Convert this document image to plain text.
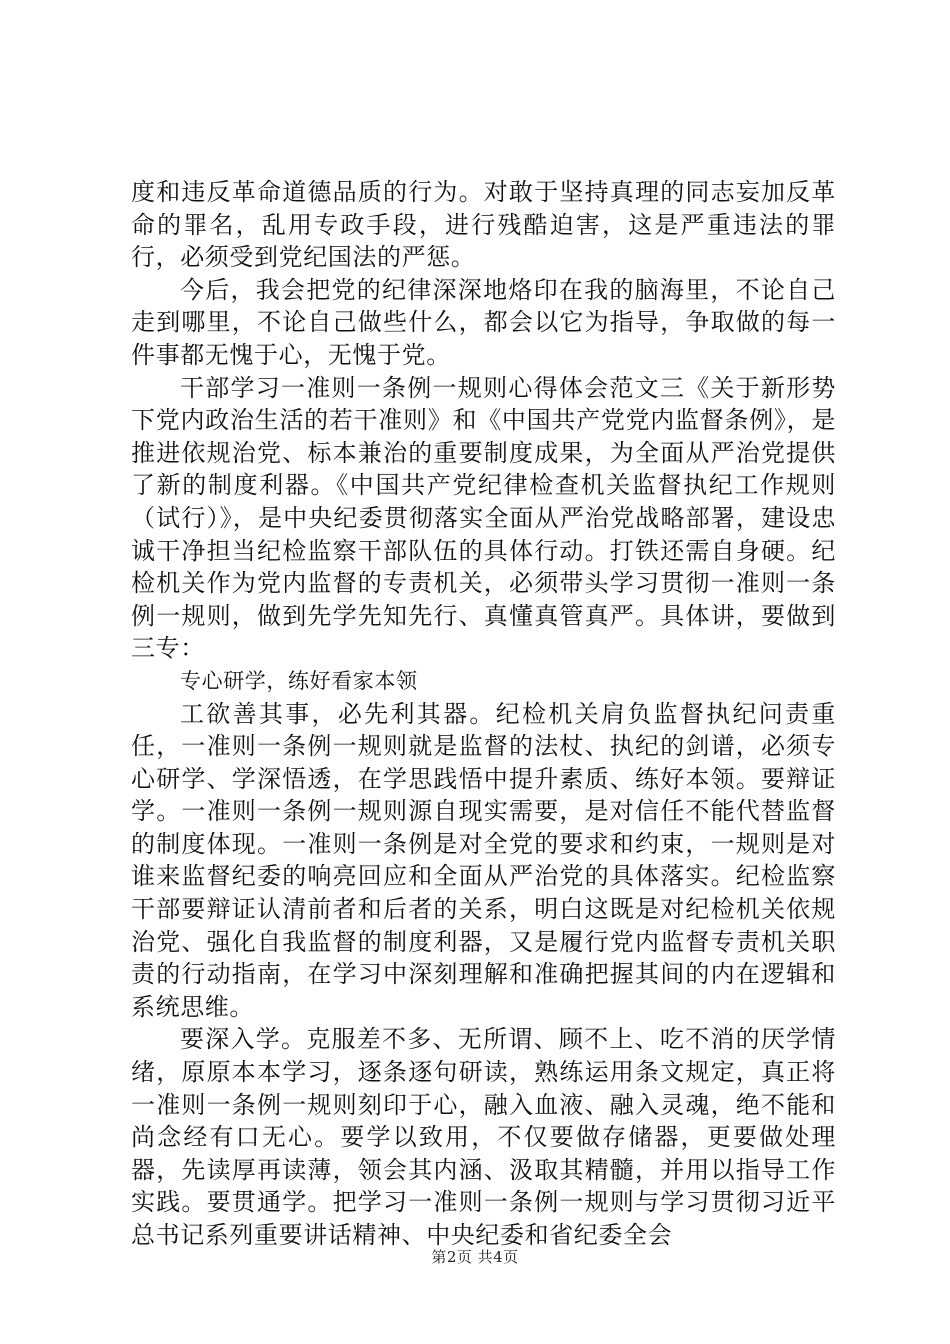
度和违反革命道德品质的行为。对敢于坚持真理的同志妄加反革命的罪名，乱用专政手段，进行残酷迫害，这是严重违法的罪行，必须受到党纪国法的严惩。

今后，我会把党的纪律深深地烙印在我的脑海里，不论自己走到哪里，不论自己做些什么，都会以它为指导，争取做的每一件事都无愧于心，无愧于党。

干部学习一准则一条例一规则心得体会范文三《关于新形势下党内政治生活的若干准则》和《中国共产党党内监督条例》，是推进依规治党、标本兼治的重要制度成果，为全面从严治党提供了新的制度利器。《中国共产党纪律检查机关监督执纪工作规则（试行）》，是中央纪委贯彻落实全面从严治党战略部署，建设忠诚干净担当纪检监察干部队伍的具体行动。打铁还需自身硬。纪检机关作为党内监督的专责机关，必须带头学习贯彻一准则一条例一规则，做到先学先知先行、真懂真管真严。具体讲，要做到三专：

专心研学，练好看家本领

工欲善其事，必先利其器。纪检机关肩负监督执纪问责重任，一准则一条例一规则就是监督的法杖、执纪的剑谱，必须专心研学、学深悟透，在学思践悟中提升素质、练好本领。要辩证学。一准则一条例一规则源自现实需要，是对信任不能代替监督的制度体现。一准则一条例是对全党的要求和约束，一规则是对谁来监督纪委的响亮回应和全面从严治党的具体落实。纪检监察干部要辩证认清前者和后者的关系，明白这既是对纪检机关依规治党、强化自我监督的制度利器，又是履行党内监督专责机关职责的行动指南，在学习中深刻理解和准确把握其间的内在逻辑和系统思维。

要深入学。克服差不多、无所谓、顾不上、吃不消的厌学情绪，原原本本学习，逐条逐句研读，熟练运用条文规定，真正将一准则一条例一规则刻印于心，融入血液、融入灵魂，绝不能和尚念经有口无心。要学以致用，不仅要做存储器，更要做处理器，先读厚再读薄，领会其内涵、汲取其精髓，并用以指导工作实践。要贯通学。把学习一准则一条例一规则与学习贯彻习近平总书记系列重要讲话精神、中央纪委和省纪委全会

第2页 共4页
